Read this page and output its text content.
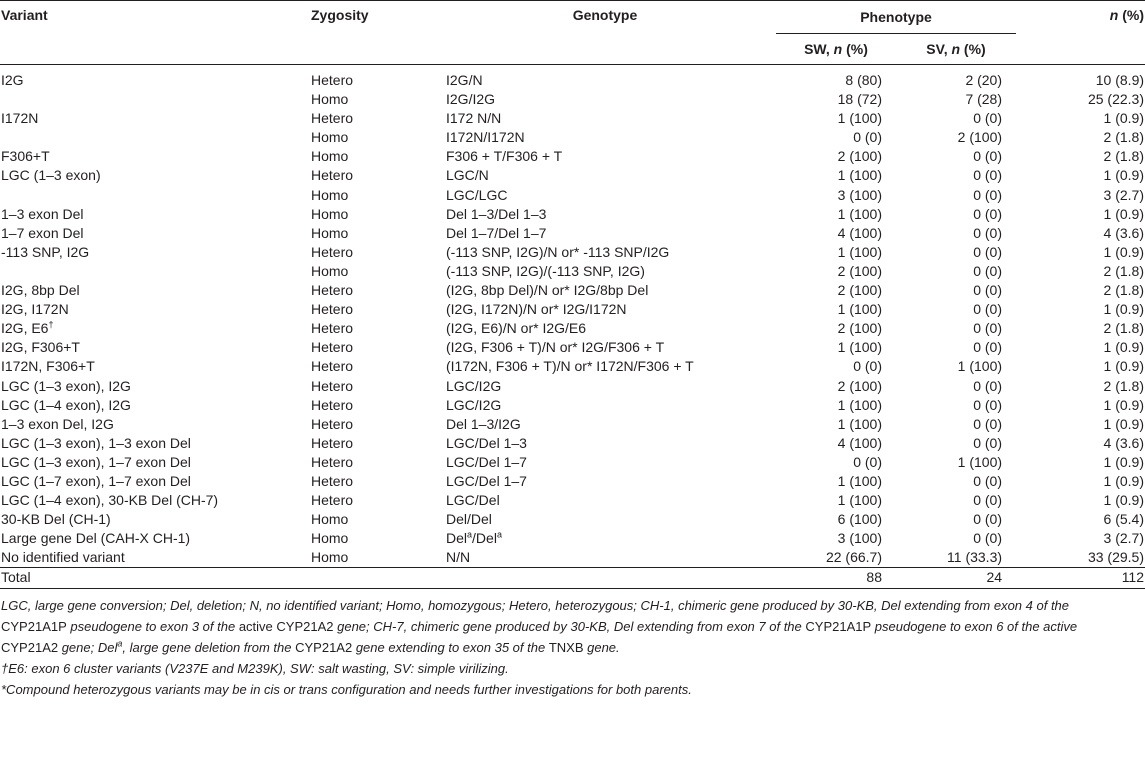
Variant	Zygosity	Genotype	Phenotype		n (%)
			SW, n (%)	SV, n (%)	
I2G	Hetero	I2G/N	8 (80)	2 (20)	10 (8.9)
	Homo	I2G/I2G	18 (72)	7 (28)	25 (22.3)
I172N	Hetero	I172 N/N	1 (100)	0 (0)	1 (0.9)
	Homo	I172N/I172N	0 (0)	2 (100)	2 (1.8)
F306+T	Homo	F306 + T/F306 + T	2 (100)	0 (0)	2 (1.8)
LGC (1–3 exon)	Hetero	LGC/N	1 (100)	0 (0)	1 (0.9)
	Homo	LGC/LGC	3 (100)	0 (0)	3 (2.7)
1–3 exon Del	Homo	Del 1–3/Del 1–3	1 (100)	0 (0)	1 (0.9)
1–7 exon Del	Homo	Del 1–7/Del 1–7	4 (100)	0 (0)	4 (3.6)
-113 SNP, I2G	Hetero	(-113 SNP, I2G)/N or* -113 SNP/I2G	1 (100)	0 (0)	1 (0.9)
	Homo	(-113 SNP, I2G)/(-113 SNP, I2G)	2 (100)	0 (0)	2 (1.8)
I2G, 8bp Del	Hetero	(I2G, 8bp Del)/N or* I2G/8bp Del	2 (100)	0 (0)	2 (1.8)
I2G, I172N	Hetero	(I2G, I172N)/N or* I2G/I172N	1 (100)	0 (0)	1 (0.9)
I2G, E6†	Hetero	(I2G, E6)/N or* I2G/E6	2 (100)	0 (0)	2 (1.8)
I2G, F306+T	Hetero	(I2G, F306 + T)/N or* I2G/F306 + T	1 (100)	0 (0)	1 (0.9)
I172N, F306+T	Hetero	(I172N, F306 + T)/N or* I172N/F306 + T	0 (0)	1 (100)	1 (0.9)
LGC (1–3 exon), I2G	Hetero	LGC/I2G	2 (100)	0 (0)	2 (1.8)
LGC (1–4 exon), I2G	Hetero	LGC/I2G	1 (100)	0 (0)	1 (0.9)
1–3 exon Del, I2G	Hetero	Del 1–3/I2G	1 (100)	0 (0)	1 (0.9)
LGC (1–3 exon), 1–3 exon Del	Hetero	LGC/Del 1–3	4 (100)	0 (0)	4 (3.6)
LGC (1–3 exon), 1–7 exon Del	Hetero	LGC/Del 1–7	0 (0)	1 (100)	1 (0.9)
LGC (1–7 exon), 1–7 exon Del	Hetero	LGC/Del 1–7	1 (100)	0 (0)	1 (0.9)
LGC (1–4 exon), 30-KB Del (CH-7)	Hetero	LGC/Del	1 (100)	0 (0)	1 (0.9)
30-KB Del (CH-1)	Homo	Del/Del	6 (100)	0 (0)	6 (5.4)
Large gene Del (CAH-X CH-1)	Homo	Del$^a$/Del$^a$	3 (100)	0 (0)	3 (2.7)
No identified variant	Homo	N/N	22 (66.7)	11 (33.3)	33 (29.5)
Total			88	24	112

LGC, large gene conversion; Del, deletion; N, no identified variant; Homo, homozygous; Hetero, heterozygous; CH-1, chimeric gene produced by 30-KB, Del extending from exon 4 of the
CYP21A1P pseudogene to exon 3 of the active CYP21A2 gene; CH-7, chimeric gene produced by 30-KB, Del extending from exon 7 of the CYP21A1P pseudogene to exon 6 of the active
CYP21A2 gene; Del$^a$, large gene deletion from the CYP21A2 gene extending to exon 35 of the TNXB gene.

†E6: exon 6 cluster variants (V237E and M239K), SW: salt wasting, SV: simple virilizing.

*Compound heterozygous variants may be in cis or trans configuration and needs further investigations for both parents.
